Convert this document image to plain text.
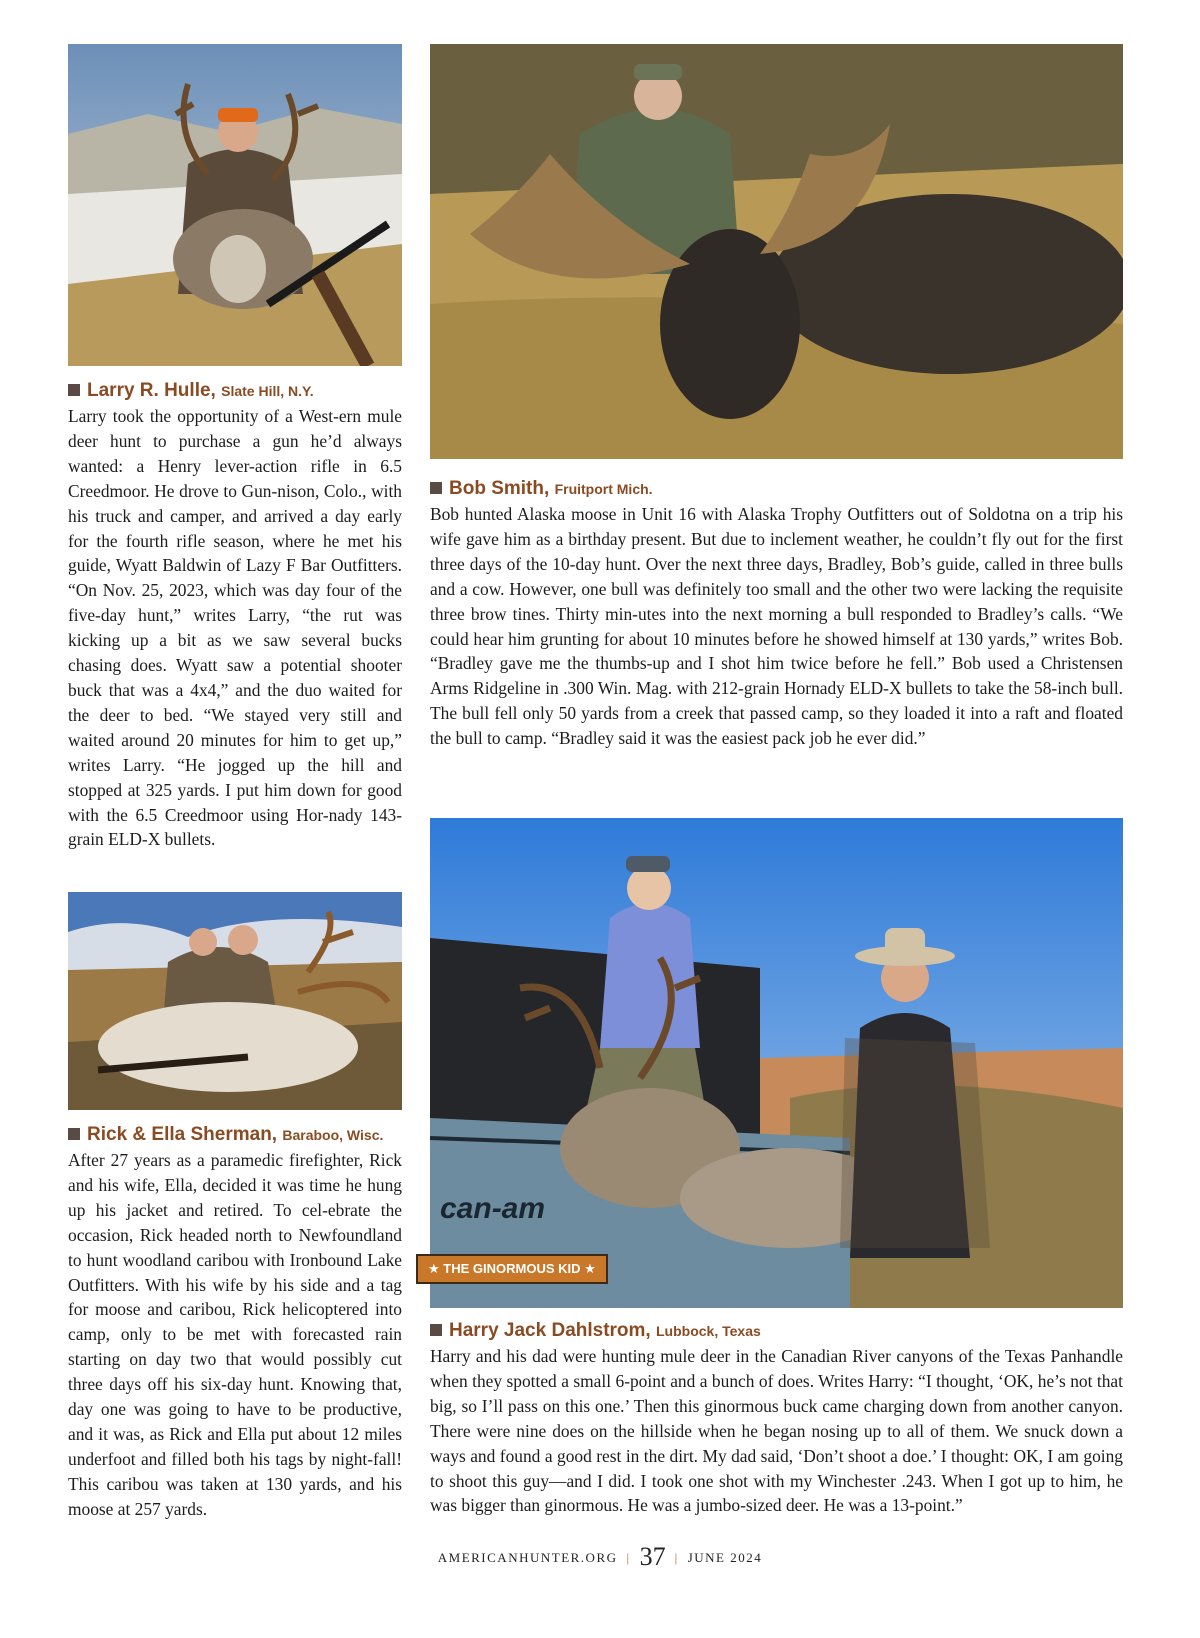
can-am
★ THE GINORMOUS KID ★
Larry R. Hulle, Slate Hill, N.Y.

Larry took the opportunity of a West-ern mule deer hunt to purchase a gun he’d always wanted: a Henry lever-action rifle in 6.5 Creedmoor. He drove to Gun-nison, Colo., with his truck and camper, and arrived a day early for the fourth rifle season, where he met his guide, Wyatt Baldwin of Lazy F Bar Outfitters. “On Nov. 25, 2023, which was day four of the five-day hunt,” writes Larry, “the rut was kicking up a bit as we saw several bucks chasing does. Wyatt saw a potential shooter buck that was a 4x4,” and the duo waited for the deer to bed. “We stayed very still and waited around 20 minutes for him to get up,” writes Larry. “He jogged up the hill and stopped at 325 yards. I put him down for good with the 6.5 Creedmoor using Hor-nady 143-grain ELD-X bullets.

Bob Smith, Fruitport Mich.

Bob hunted Alaska moose in Unit 16 with Alaska Trophy Outfitters out of Soldotna on a trip his wife gave him as a birthday present. But due to inclement weather, he couldn’t fly out for the first three days of the 10-day hunt. Over the next three days, Bradley, Bob’s guide, called in three bulls and a cow. However, one bull was definitely too small and the other two were lacking the requisite three brow tines. Thirty min-utes into the next morning a bull responded to Bradley’s calls. “We could hear him grunting for about 10 minutes before he showed himself at 130 yards,” writes Bob. “Bradley gave me the thumbs-up and I shot him twice before he fell.” Bob used a Christensen Arms Ridgeline in .300 Win. Mag. with 212-grain Hornady ELD-X bullets to take the 58-inch bull. The bull fell only 50 yards from a creek that passed camp, so they loaded it into a raft and floated the bull to camp. “Bradley said it was the easiest pack job he ever did.”

Rick & Ella Sherman, Baraboo, Wisc.

After 27 years as a paramedic firefighter, Rick and his wife, Ella, decided it was time he hung up his jacket and retired. To cel-ebrate the occasion, Rick headed north to Newfoundland to hunt woodland caribou with Ironbound Lake Outfitters. With his wife by his side and a tag for moose and caribou, Rick helicoptered into camp, only to be met with forecasted rain starting on day two that would possibly cut three days off his six-day hunt. Knowing that, day one was going to have to be productive, and it was, as Rick and Ella put about 12 miles underfoot and filled both his tags by night-fall! This caribou was taken at 130 yards, and his moose at 257 yards.

Harry Jack Dahlstrom, Lubbock, Texas

Harry and his dad were hunting mule deer in the Canadian River canyons of the Texas Panhandle when they spotted a small 6-point and a bunch of does. Writes Harry: “I thought, ‘OK, he’s not that big, so I’ll pass on this one.’ Then this ginormous buck came charging down from another canyon. There were nine does on the hillside when he began nosing up to all of them. We snuck down a ways and found a good rest in the dirt. My dad said, ‘Don’t shoot a doe.’ I thought: OK, I am going to shoot this guy—and I did. I took one shot with my Winchester .243. When I got up to him, he was bigger than ginormous. He was a jumbo-sized deer. He was a 13-point.”

AMERICANHUNTER.ORG | 37 | JUNE 2024
